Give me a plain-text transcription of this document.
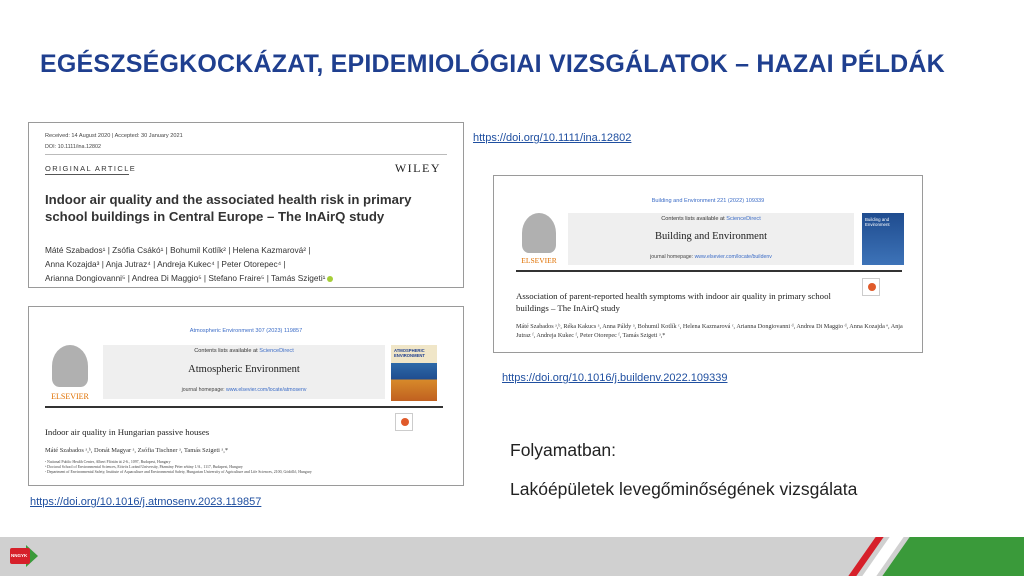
EGÉSZSÉGKOCKÁZAT, EPIDEMIOLÓGIAI VIZSGÁLATOK – HAZAI PÉLDÁK
Received: 14 August 2020 | Accepted: 30 January 2021
DOI: 10.1111/ina.12802
ORIGINAL ARTICLE	WILEY
Indoor air quality and the associated health risk in primary school buildings in Central Europe – The InAirQ study
Máté Szabados¹ | Zsófia Csákó¹ | Bohumil Kotlík² | Helena Kazmarová² |
Anna Kozajda³ | Anja Jutraz⁴ | Andreja Kukec⁴ | Peter Otorepec⁴ |
Arianna Dongiovanni⁵ | Andrea Di Maggio⁵ | Stefano Fraire⁵ | Tamás Szigeti¹
https://doi.org/10.1111/ina.12802
Building and Environment 221 (2022) 109339
ELSEVIER
Contents lists available at ScienceDirect
Building and Environment
journal homepage: www.elsevier.com/locate/buildenv
Building and Environment
Association of parent-reported health symptoms with indoor air quality in primary school buildings – The InAirQ study
Máté Szabados ᵃ,ᵇ, Réka Kakucs ᵃ, Anna Páldy ᵃ, Bohumil Kotlík ᶜ, Helena Kazmarová ᶜ, Arianna Dongiovanni ᵈ, Andrea Di Maggio ᵈ, Anna Kozajda ᵉ, Anja Jutraz ᶠ, Andreja Kukec ᶠ, Peter Otorepec ᶠ, Tamás Szigeti ᵃ,*
https://doi.org/10.1016/j.buildenv.2022.109339
Atmospheric Environment 307 (2023) 119857
ELSEVIER
Contents lists available at ScienceDirect
Atmospheric Environment
journal homepage: www.elsevier.com/locate/atmosenv
ATMOSPHERIC ENVIRONMENT
Indoor air quality in Hungarian passive houses
Máté Szabados ᵃ,ᵇ, Donát Magyar ᵃ, Zsófia Tischner ᵃ, Tamás Szigeti ᵃ,*
ᵃ National Public Health Center, Albert Flórián út 2-6., 1097, Budapest, Hungary
ᵇ Doctoral School of Environmental Sciences, Eötvös Loránd University, Pázmány Péter sétány 1/A., 1117, Budapest, Hungary
ᶜ Department of Environmental Safety, Institute of Aquaculture and Environmental Safety, Hungarian University of Agriculture and Life Sciences, 2100, Gödöllő, Hungary
https://doi.org/10.1016/j.atmosenv.2023.119857
Folyamatban:
Lakóépületek levegőminőségének vizsgálata
NNGYK
